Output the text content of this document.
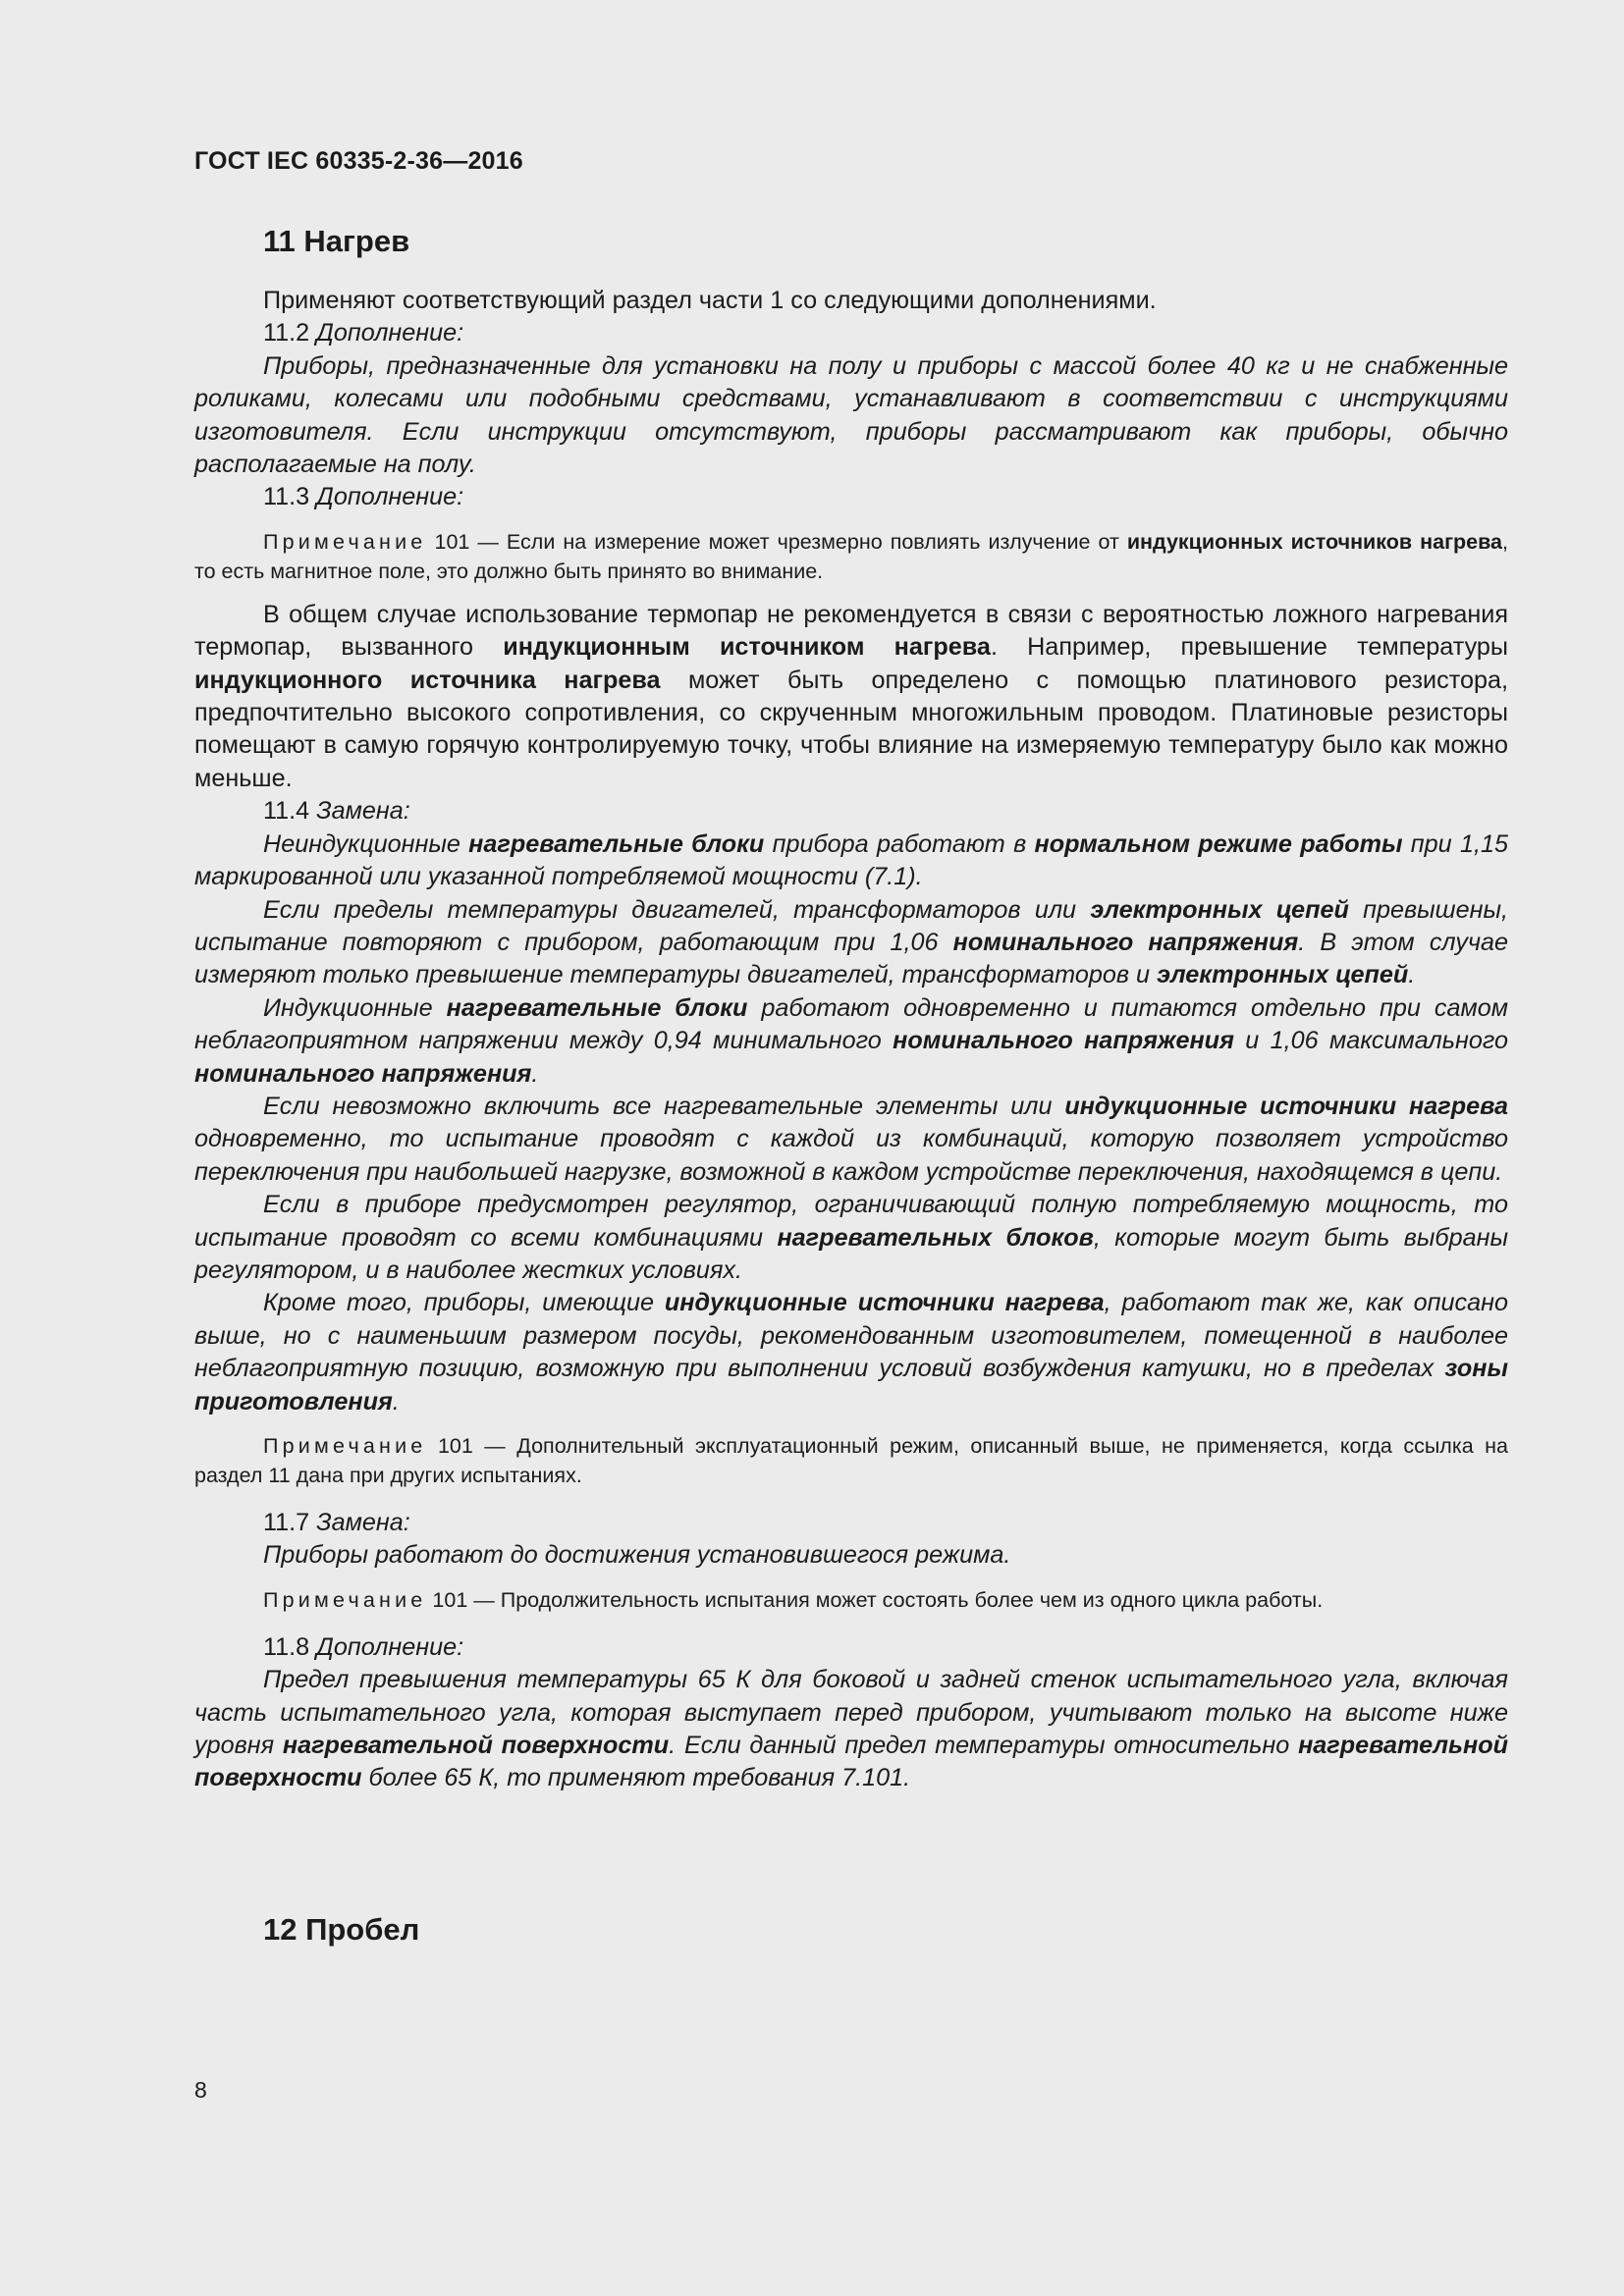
ГОСТ IEC 60335-2-36—2016
11 Нагрев

Применяют соответствующий раздел части 1 со следующими дополнениями.

11.2 Дополнение:

Приборы, предназначенные для установки на полу и приборы с массой более 40 кг и не снабженные роликами, колесами или подобными средствами, устанавливают в соответствии с инструкциями изготовителя. Если инструкции отсутствуют, приборы рассматривают как приборы, обычно располагаемые на полу.

11.3 Дополнение:

Примечание 101 — Если на измерение может чрезмерно повлиять излучение от индукционных источников нагрева, то есть магнитное поле, это должно быть принято во внимание.

В общем случае использование термопар не рекомендуется в связи с вероятностью ложного нагревания термопар, вызванного индукционным источником нагрева. Например, превышение температуры индукционного источника нагрева может быть определено с помощью платинового резистора, предпочтительно высокого сопротивления, со скрученным многожильным проводом. Платиновые резисторы помещают в самую горячую контролируемую точку, чтобы влияние на измеряемую температуру было как можно меньше.

11.4 Замена:

Неиндукционные нагревательные блоки прибора работают в нормальном режиме работы при 1,15 маркированной или указанной потребляемой мощности (7.1).

Если пределы температуры двигателей, трансформаторов или электронных цепей превышены, испытание повторяют с прибором, работающим при 1,06 номинального напряжения. В этом случае измеряют только превышение температуры двигателей, трансформаторов и электронных цепей.

Индукционные нагревательные блоки работают одновременно и питаются отдельно при самом неблагоприятном напряжении между 0,94 минимального номинального напряжения и 1,06 максимального номинального напряжения.

Если невозможно включить все нагревательные элементы или индукционные источники нагрева одновременно, то испытание проводят с каждой из комбинаций, которую позволяет устройство переключения при наибольшей нагрузке, возможной в каждом устройстве переключения, находящемся в цепи.

Если в приборе предусмотрен регулятор, ограничивающий полную потребляемую мощность, то испытание проводят со всеми комбинациями нагревательных блоков, которые могут быть выбраны регулятором, и в наиболее жестких условиях.

Кроме того, приборы, имеющие индукционные источники нагрева, работают так же, как описано выше, но с наименьшим размером посуды, рекомендованным изготовителем, помещенной в наиболее неблагоприятную позицию, возможную при выполнении условий возбуждения катушки, но в пределах зоны приготовления.

Примечание 101 — Дополнительный эксплуатационный режим, описанный выше, не применяется, когда ссылка на раздел 11 дана при других испытаниях.

11.7 Замена:

Приборы работают до достижения установившегося режима.

Примечание 101 — Продолжительность испытания может состоять более чем из одного цикла работы.

11.8 Дополнение:

Предел превышения температуры 65 К для боковой и задней стенок испытательного угла, включая часть испытательного угла, которая выступает перед прибором, учитывают только на высоте ниже уровня нагревательной поверхности. Если данный предел температуры относительно нагревательной поверхности более 65 К, то применяют требования 7.101.

12 Пробел
8
